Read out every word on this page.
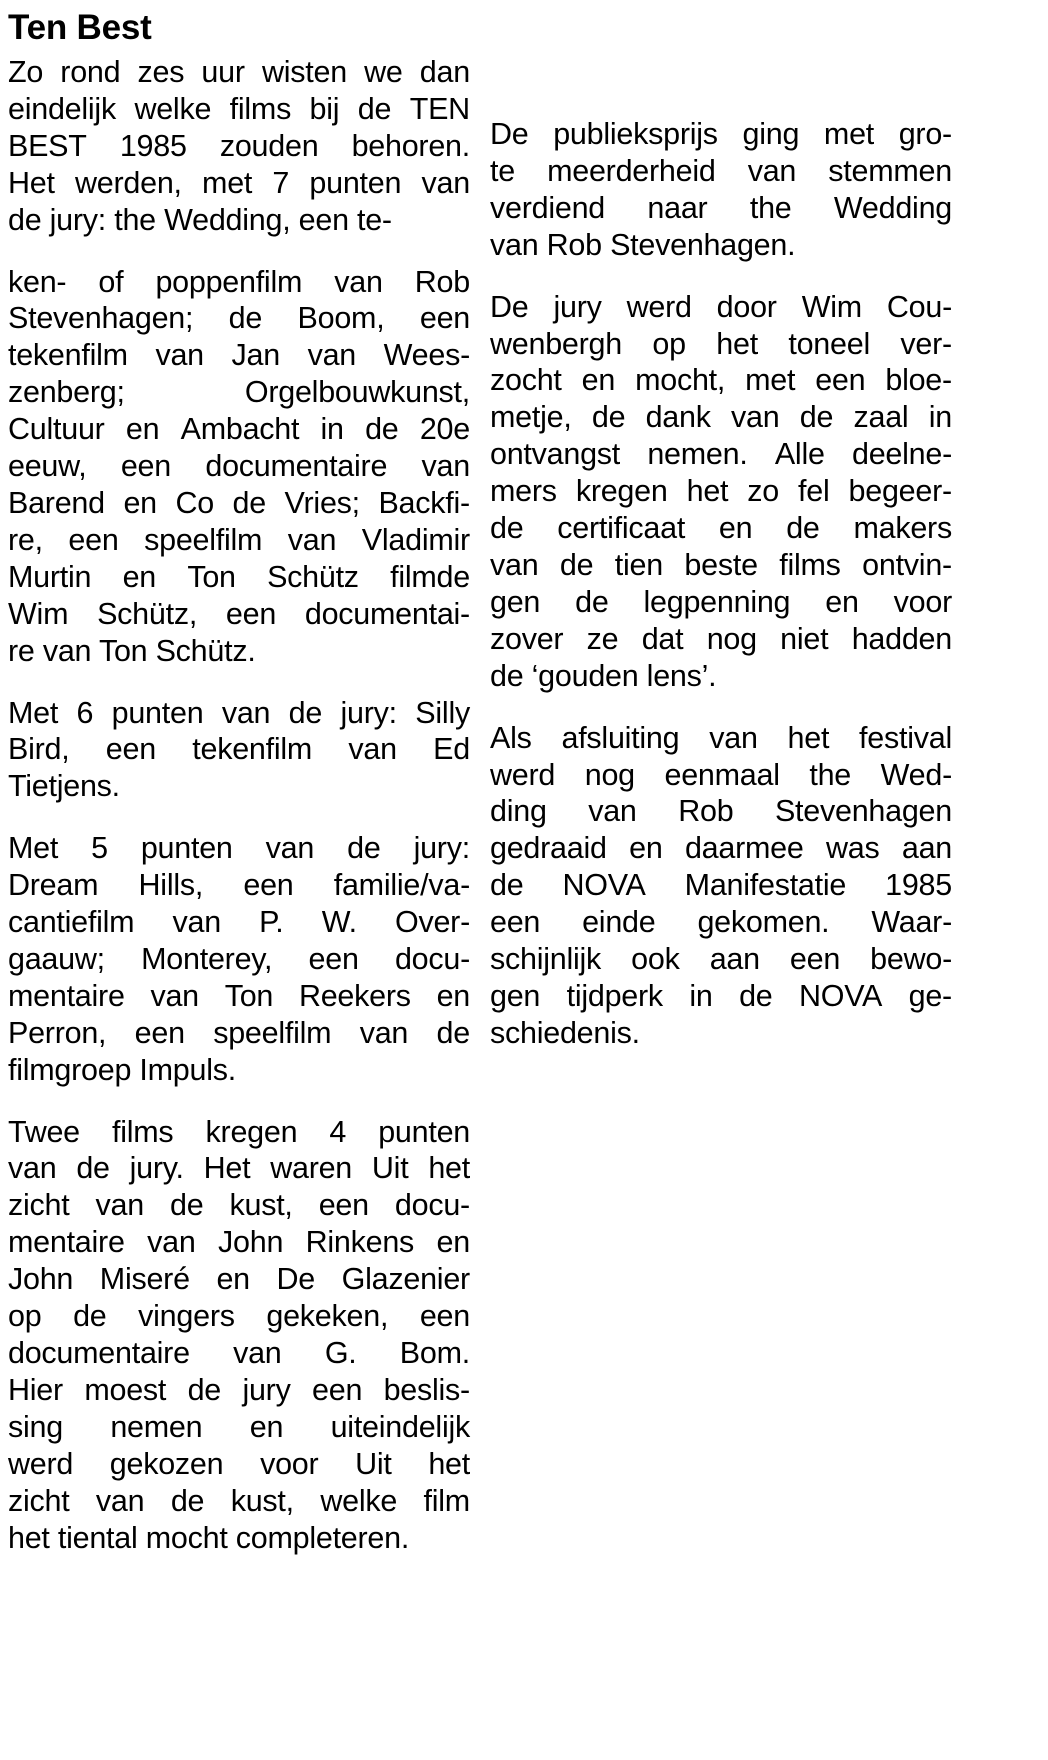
Ten Best
Zo rond zes uur wisten we dan
eindelijk welke films bij de TEN
BEST 1985 zouden behoren.
Het werden, met 7 punten van
de jury: the Wedding, een te-
ken- of poppenfilm van Rob
Stevenhagen; de Boom, een
tekenfilm van Jan van Wees-
zenberg;	Orgelbouwkunst,
Cultuur en Ambacht in de 20e
eeuw, een documentaire van
Barend en Co de Vries; Backfi-
re, een speelfilm van Vladimir
Murtin en Ton Schütz filmde
Wim Schütz, een documentai-
re van Ton Schütz.
Met 6 punten van de jury: Silly
Bird, een tekenfilm van Ed
Tietjens.
Met 5 punten van de jury:
Dream Hills, een familie/va-
cantiefilm van P. W. Over-
gaauw; Monterey, een docu-
mentaire van Ton Reekers en
Perron, een speelfilm van de
filmgroep Impuls.
Twee films kregen 4 punten
van de jury. Het waren Uit het
zicht van de kust, een docu-
mentaire van John Rinkens en
John Miseré en De Glazenier
op de vingers gekeken, een
documentaire van G. Bom.
Hier moest de jury een beslis-
sing nemen en uiteindelijk
werd gekozen voor Uit het
zicht van de kust, welke film
het tiental mocht completeren.
De publieksprijs ging met gro-
te meerderheid van stemmen
verdiend naar the Wedding
van Rob Stevenhagen.
De jury werd door Wim Cou-
wenbergh op het toneel ver-
zocht en mocht, met een bloe-
metje, de dank van de zaal in
ontvangst nemen. Alle deelne-
mers kregen het zo fel begeer-
de certificaat en de makers
van de tien beste films ontvin-
gen de legpenning en voor
zover ze dat nog niet hadden
de ‘gouden lens’.
Als afsluiting van het festival
werd nog eenmaal the Wed-
ding van Rob Stevenhagen
gedraaid en daarmee was aan
de NOVA Manifestatie 1985
een einde gekomen. Waar-
schijnlijk ook aan een bewo-
gen tijdperk in de NOVA ge-
schiedenis.
